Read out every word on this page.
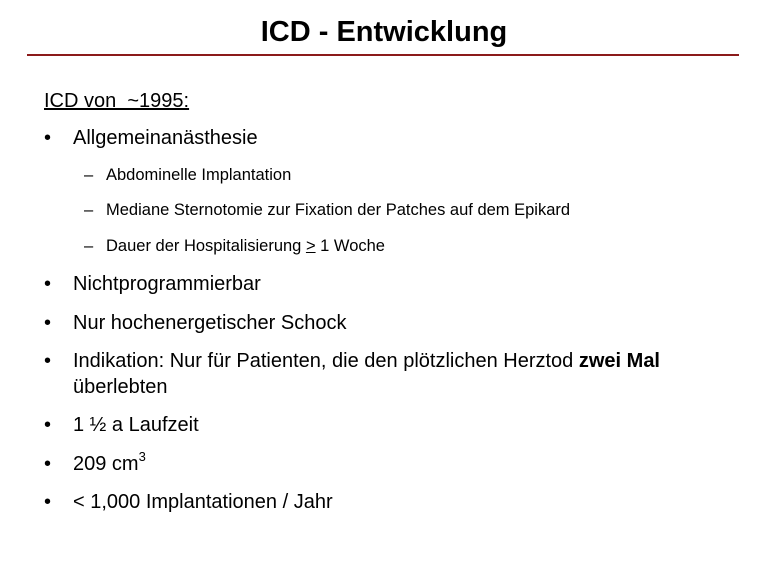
ICD - Entwicklung
ICD von  ~1995:
•	Allgemeinanästhesie
– Abdominelle Implantation
– Mediane Sternotomie zur Fixation der Patches auf dem Epikard
– Dauer der Hospitalisierung ≥ 1 Woche
•	Nichtprogrammierbar
•	Nur hochenergetischer Schock
•	Indikation: Nur für Patienten, die den plötzlichen Herztod zwei Mal
überlebten
•	1 ½ a Laufzeit
•	209 $cm^3$
•	< 1,000 Implantationen / Jahr
